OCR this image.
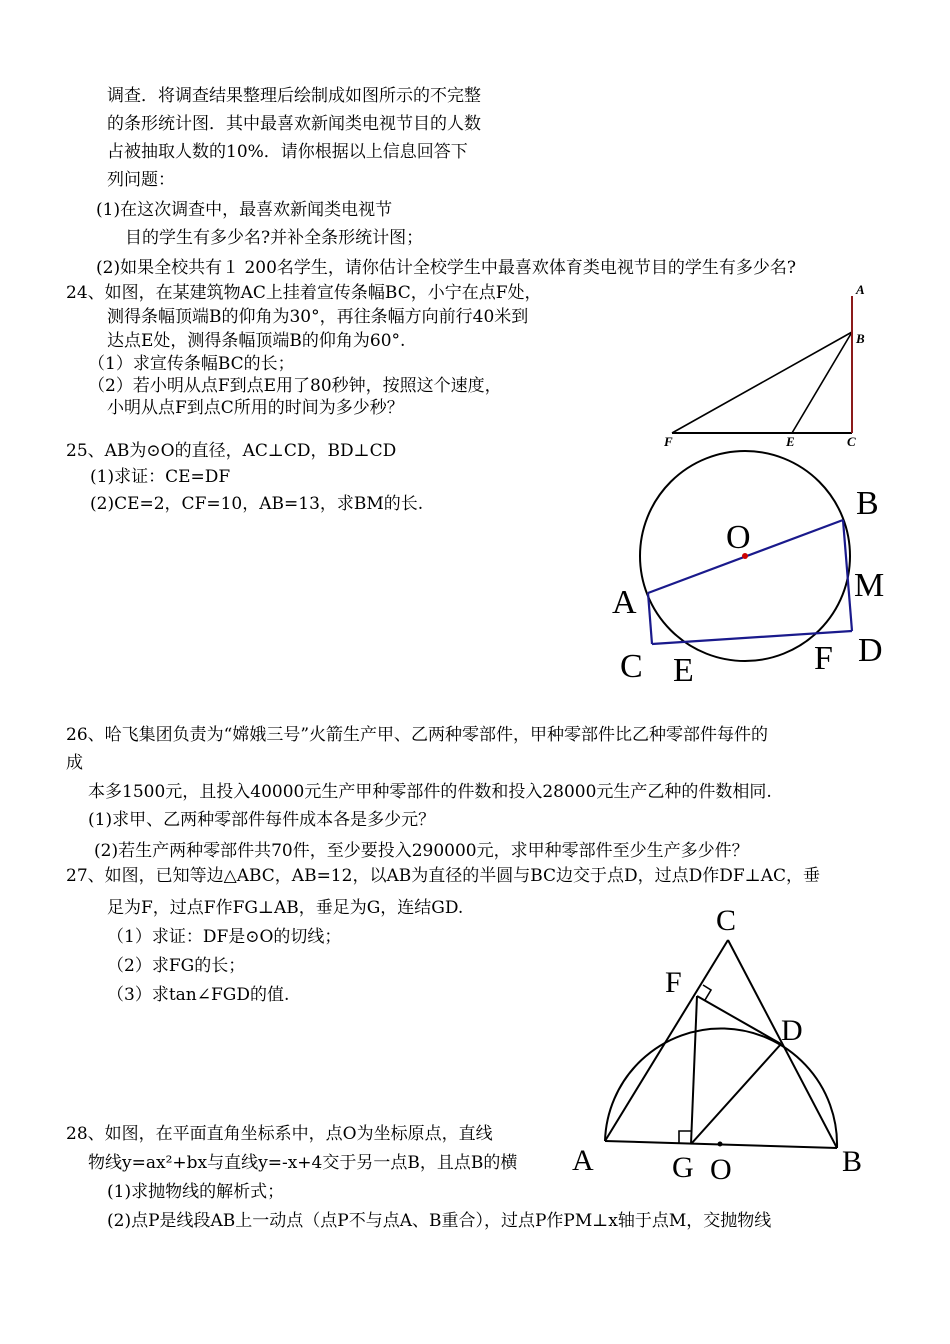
调查．将调查结果整理后绘制成如图所示的不完整
的条形统计图．其中最喜欢新闻类电视节目的人数
占被抽取人数的10%．请你根据以上信息回答下
列问题：
(1)在这次调查中，最喜欢新闻类电视节
目的学生有多少名?并补全条形统计图；
(2)如果全校共有１ 200名学生，请你估计全校学生中最喜欢体育类电视节目的学生有多少名?
24、如图，在某建筑物AC上挂着宣传条幅BC，小宁在点F处，
测得条幅顶端B的仰角为30°，再往条幅方向前行40米到
达点E处，测得条幅顶端B的仰角为60°.
（1）求宣传条幅BC的长；
（2）若小明从点F到点E用了80秒钟，按照这个速度，
小明从点F到点C所用的时间为多少秒？
A
B
F	E	C
25、AB为⊙O的直径，AC⊥CD，BD⊥CD
(1)求证：CE=DF
(2)CE=2，CF=10，AB=13，求BM的长.
O
B
M
A
D
F
C E
26、哈飞集团负责为“嫦娥三号”火箭生产甲、乙两种零部件，甲种零部件比乙种零部件每件的
成
本多1500元，且投入40000元生产甲种零部件的件数和投入28000元生产乙种的件数相同.
(1)求甲、乙两种零部件每件成本各是多少元？
(2)若生产两种零部件共70件，至少要投入290000元，求甲种零部件至少生产多少件？
27、如图，已知等边△ABC，AB=12，以AB为直径的半圆与BC边交于点D，过点D作DF⊥AC，垂
足为F，过点F作FG⊥AB，垂足为G，连结GD.
（1）求证：DF是⊙O的切线；
（2）求FG的长；
（3）求tan∠FGD的值.
28、如图，在平面直角坐标系中，点O为坐标原点，直线
物线y=ax²+bx与直线y=-x+4交于另一点B，且点B的横
(1)求抛物线的解析式；
(2)点P是线段AB上一动点（点P不与点A、B重合），过点P作PM⊥x轴于点M，交抛物线
C
F
D
A	G O	B
